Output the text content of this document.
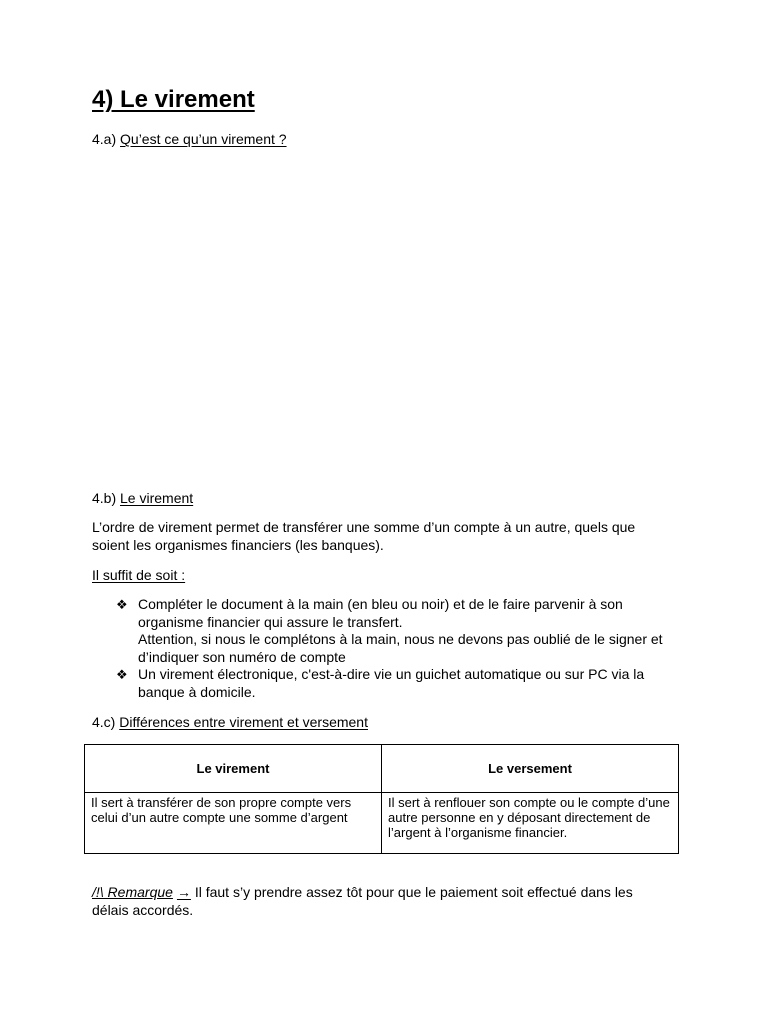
4) Le virement
4.a) Qu’est ce qu’un virement ?
4.b) Le virement
L’ordre de virement permet de transférer une somme d’un compte à un autre, quels que soient les organismes financiers (les banques).
Il suffit de soit :
❖ Compléter le document à la main (en bleu ou noir) et de le faire parvenir à son organisme financier qui assure le transfert.
Attention, si nous le complétons à la main, nous ne devons pas oublié de le signer et d’indiquer son numéro de compte
❖ Un virement électronique, c'est-à-dire vie un guichet automatique ou sur PC via la banque à domicile.
4.c) Différences entre virement et versement
Le virement	Le versement
Il sert à transférer de son propre compte vers celui d’un autre compte une somme d’argent	Il sert à renflouer son compte ou le compte d’une autre personne en y déposant directement de l’argent à l’organisme financier.
/!\ Remarque → Il faut s’y prendre assez tôt pour que le paiement soit effectué dans les délais accordés.
